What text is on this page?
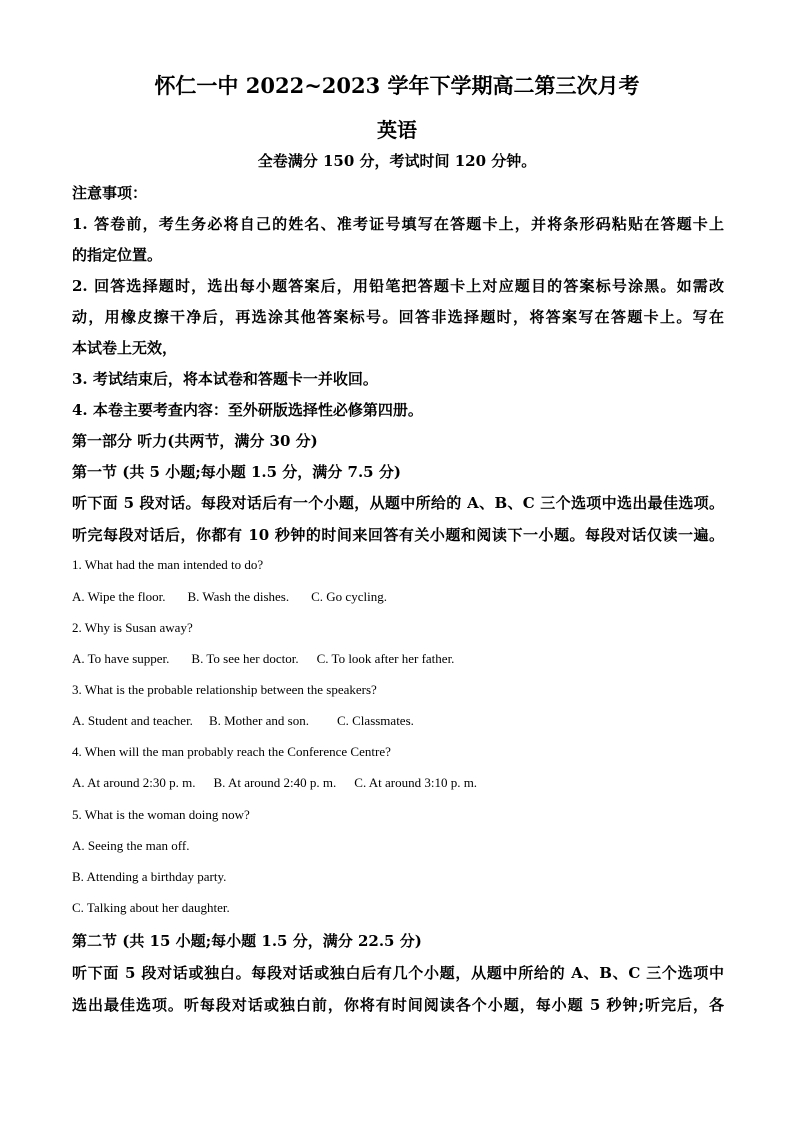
怀仁一中 2022~2023 学年下学期高二第三次月考
英语
全卷满分 150 分，考试时间 120 分钟。
注意事项：
1. 答卷前，考生务必将自己的姓名、准考证号填写在答题卡上，并将条形码粘贴在答题卡上
的指定位置。
2. 回答选择题时，选出每小题答案后，用铅笔把答题卡上对应题目的答案标号涂黑。如需改
动，用橡皮擦干净后，再选涂其他答案标号。回答非选择题时，将答案写在答题卡上。写在
本试卷上无效，
3. 考试结束后，将本试卷和答题卡一并收回。
4. 本卷主要考查内容：至外研版选择性必修第四册。
第一部分 听力(共两节，满分 30 分)
第一节 (共 5 小题;每小题 1.5 分，满分 7.5 分)
听下面 5 段对话。每段对话后有一个小题，从题中所给的 A、B、C 三个选项中选出最佳选项。
听完每段对话后，你都有 10 秒钟的时间来回答有关小题和阅读下一小题。每段对话仅读一遍。
1. What had the man intended to do?
A. Wipe the floor. B. Wash the dishes. C. Go cycling.
2. Why is Susan away?
A. To have supper. B. To see her doctor. C. To look after her father.
3. What is the probable relationship between the speakers?
A. Student and teacher. B. Mother and son. C. Classmates.
4. When will the man probably reach the Conference Centre?
A. At around 2:30 p. m. B. At around 2:40 p. m. C. At around 3:10 p. m.
5. What is the woman doing now?
A. Seeing the man off.
B. Attending a birthday party.
C. Talking about her daughter.
第二节 (共 15 小题;每小题 1.5 分，满分 22.5 分)
听下面 5 段对话或独白。每段对话或独白后有几个小题，从题中所给的 A、B、C 三个选项中
选出最佳选项。听每段对话或独白前，你将有时间阅读各个小题，每小题 5 秒钟;听完后，各
